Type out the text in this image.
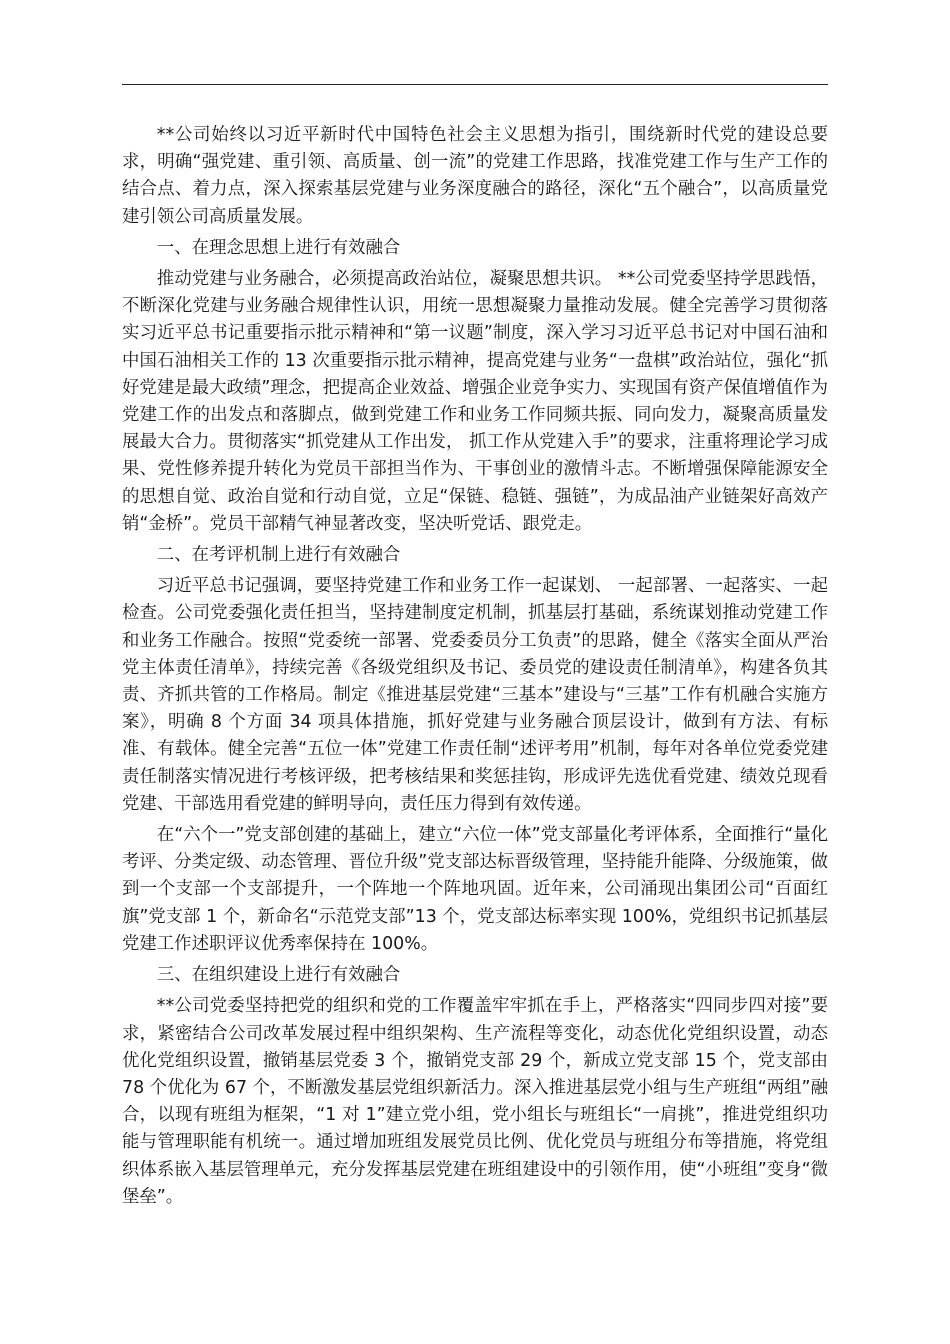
**公司始终以习近平新时代中国特色社会主义思想为指引，围绕新时代党的建设总要求，明确“强党建、重引领、高质量、创一流”的党建工作思路，找准党建工作与生产工作的结合点、着力点，深入探索基层党建与业务深度融合的路径，深化“五个融合”，以高质量党建引领公司高质量发展。

一、在理念思想上进行有效融合

推动党建与业务融合，必须提高政治站位，凝聚思想共识。 **公司党委坚持学思践悟，不断深化党建与业务融合规律性认识，用统一思想凝聚力量推动发展。健全完善学习贯彻落实习近平总书记重要指示批示精神和“第一议题”制度，深入学习习近平总书记对中国石油和中国石油相关工作的 13 次重要指示批示精神，提高党建与业务“一盘棋”政治站位，强化“抓好党建是最大政绩”理念，把提高企业效益、增强企业竞争实力、实现国有资产保值增值作为党建工作的出发点和落脚点，做到党建工作和业务工作同频共振、同向发力，凝聚高质量发展最大合力。贯彻落实“抓党建从工作出发， 抓工作从党建入手”的要求，注重将理论学习成果、党性修养提升转化为党员干部担当作为、干事创业的激情斗志。不断增强保障能源安全的思想自觉、政治自觉和行动自觉，立足“保链、稳链、强链”，为成品油产业链架好高效产销“金桥”。党员干部精气神显著改变，坚决听党话、跟党走。

二、在考评机制上进行有效融合

习近平总书记强调，要坚持党建工作和业务工作一起谋划、 一起部署、一起落实、一起检查。公司党委强化责任担当，坚持建制度定机制，抓基层打基础，系统谋划推动党建工作和业务工作融合。按照“党委统一部署、党委委员分工负责”的思路，健全《落实全面从严治党主体责任清单》，持续完善《各级党组织及书记、委员党的建设责任制清单》，构建各负其责、齐抓共管的工作格局。制定《推进基层党建“三基本”建设与“三基”工作有机融合实施方案》，明确 8 个方面 34 项具体措施，抓好党建与业务融合顶层设计，做到有方法、有标准、有载体。健全完善“五位一体”党建工作责任制“述评考用”机制，每年对各单位党委党建责任制落实情况进行考核评级，把考核结果和奖惩挂钩，形成评先选优看党建、绩效兑现看党建、干部选用看党建的鲜明导向，责任压力得到有效传递。

在“六个一”党支部创建的基础上，建立“六位一体”党支部量化考评体系，全面推行“量化考评、分类定级、动态管理、晋位升级”党支部达标晋级管理，坚持能升能降、分级施策，做到一个支部一个支部提升，一个阵地一个阵地巩固。近年来，公司涌现出集团公司“百面红旗”党支部 1 个，新命名“示范党支部”13 个，党支部达标率实现 100%，党组织书记抓基层党建工作述职评议优秀率保持在 100%。

三、在组织建设上进行有效融合

**公司党委坚持把党的组织和党的工作覆盖牢牢抓在手上，严格落实“四同步四对接”要求，紧密结合公司改革发展过程中组织架构、生产流程等变化，动态优化党组织设置，动态优化党组织设置，撤销基层党委 3 个，撤销党支部 29 个，新成立党支部 15 个，党支部由 78 个优化为 67 个，不断激发基层党组织新活力。深入推进基层党小组与生产班组“两组”融合，以现有班组为框架，“1 对 1”建立党小组，党小组长与班组长“一肩挑”，推进党组织功能与管理职能有机统一。通过增加班组发展党员比例、优化党员与班组分布等措施，将党组织体系嵌入基层管理单元，充分发挥基层党建在班组建设中的引领作用，使“小班组”变身“微堡垒”。
